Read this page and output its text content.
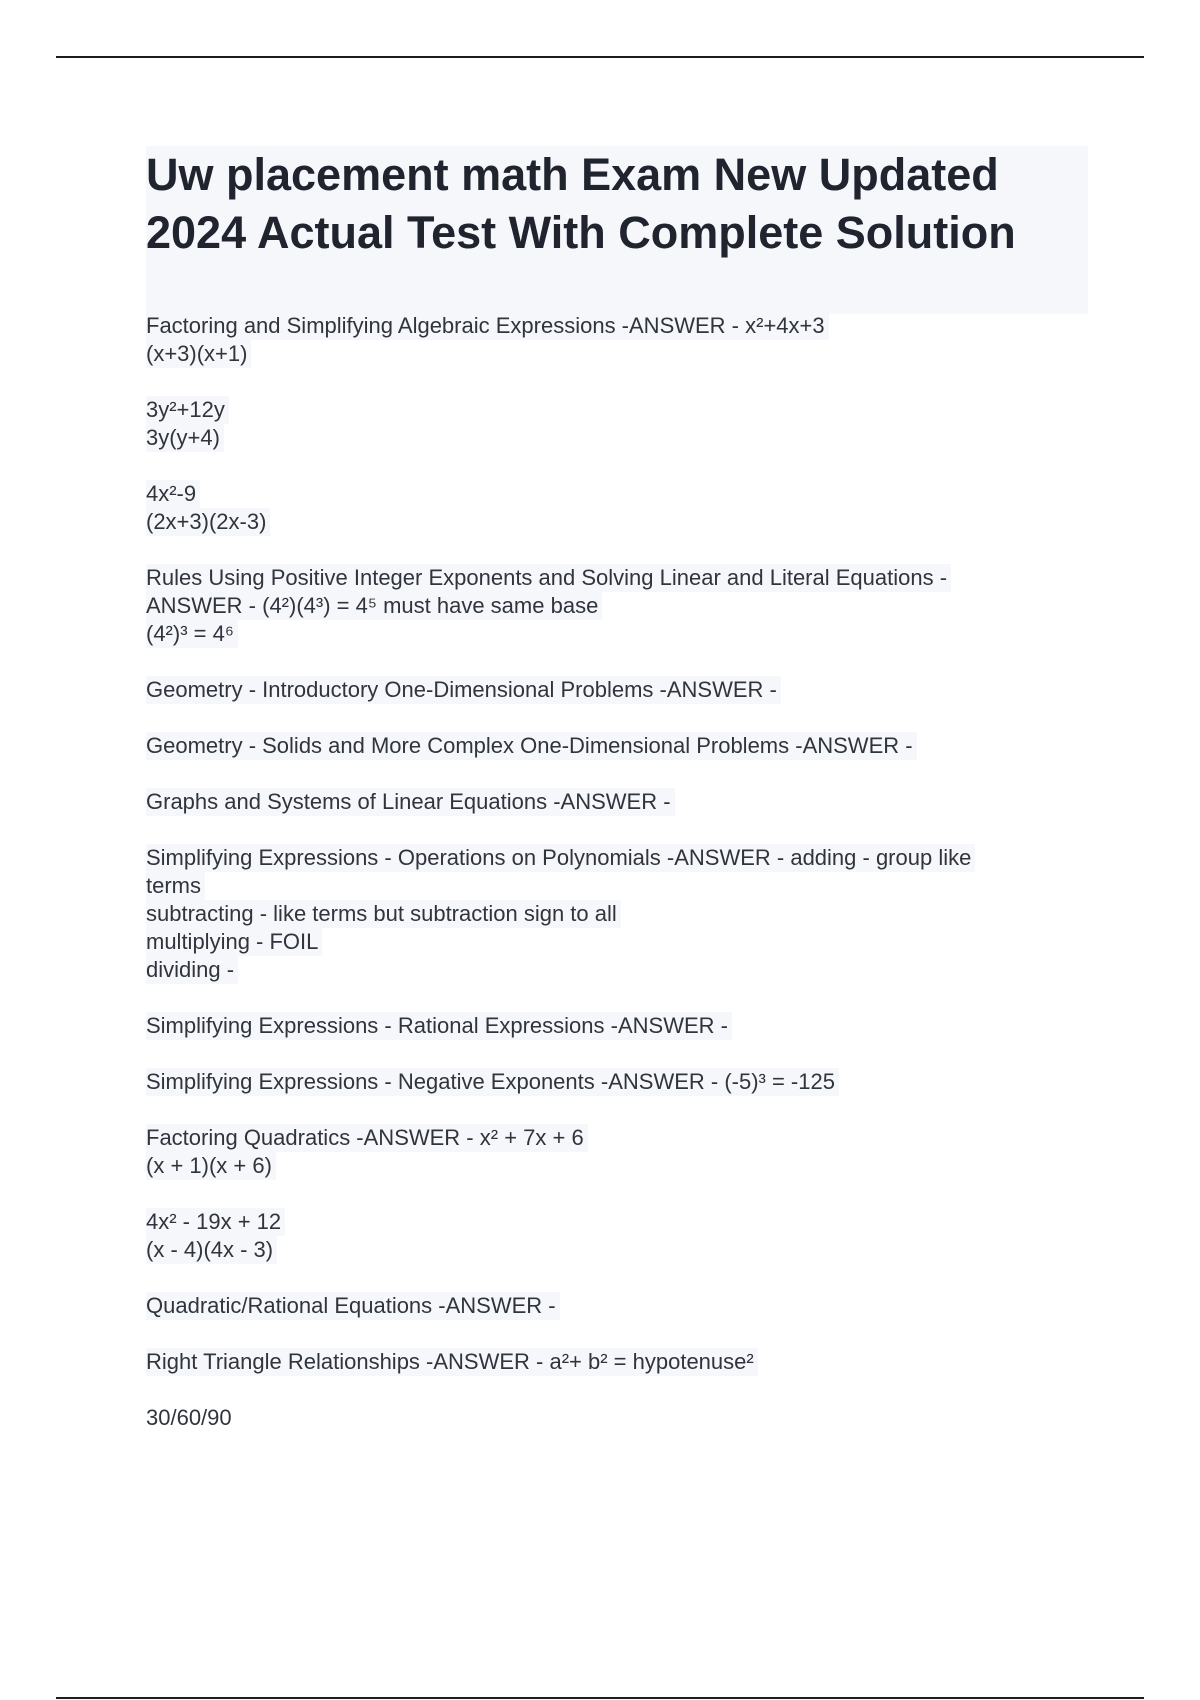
Uw placement math Exam New Updated
2024 Actual Test With Complete Solution
Factoring and Simplifying Algebraic Expressions -ANSWER - x²+4x+3
(x+3)(x+1)
3y²+12y
3y(y+4)
4x²-9
(2x+3)(2x-3)
Rules Using Positive Integer Exponents and Solving Linear and Literal Equations -
ANSWER - (4²)(4³) = 4⁵ must have same base
(4²)³ = 4⁶
Geometry - Introductory One-Dimensional Problems -ANSWER -
Geometry - Solids and More Complex One-Dimensional Problems -ANSWER -
Graphs and Systems of Linear Equations -ANSWER -
Simplifying Expressions - Operations on Polynomials -ANSWER - adding - group like
terms
subtracting - like terms but subtraction sign to all
multiplying - FOIL
dividing -
Simplifying Expressions - Rational Expressions -ANSWER -
Simplifying Expressions - Negative Exponents -ANSWER - (-5)³ = -125
Factoring Quadratics -ANSWER - x² + 7x + 6
(x + 1)(x + 6)
4x² - 19x + 12
(x - 4)(4x - 3)
Quadratic/Rational Equations -ANSWER -
Right Triangle Relationships -ANSWER - a²+ b² = hypotenuse²
30/60/90
